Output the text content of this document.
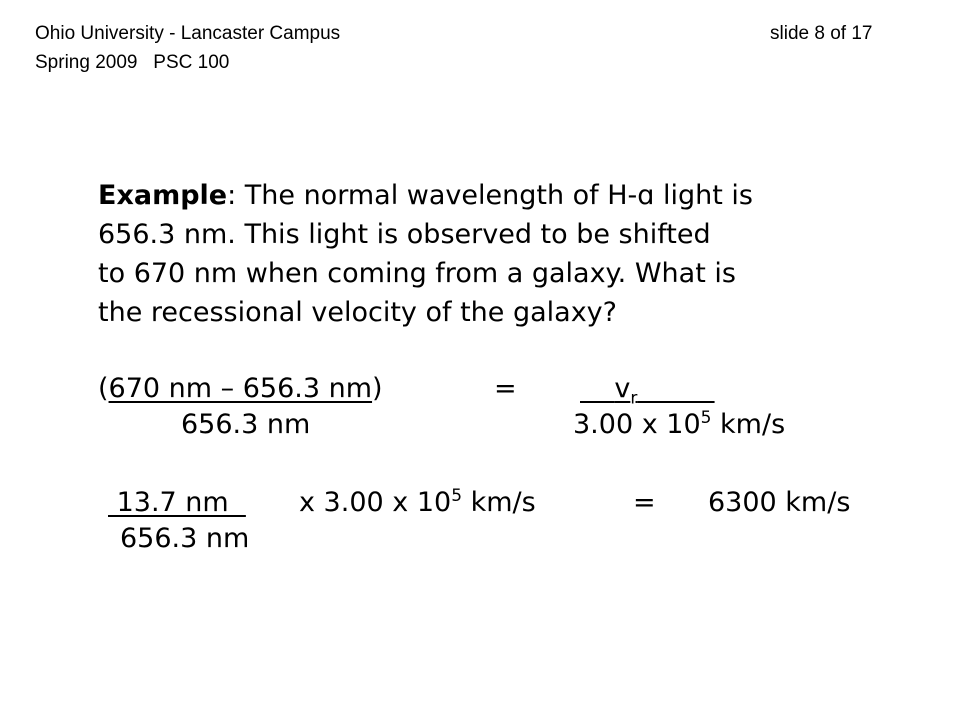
Ohio University - Lancaster Campus
Spring 2009   PSC 100
slide 8 of 17

Example: The normal wavelength of H-ɑ light is

656.3 nm. This light is observed to be shifted

to 670 nm when coming from a galaxy. What is

the recessional velocity of the galaxy?

(670 nm – 656.3 nm)	=	$v_r$
656.3 nm	3.00 x $10^5$ km/s
13.7 nm x 3.00 x $10^5$ km/s	= 6300 km/s
656.3 nm
